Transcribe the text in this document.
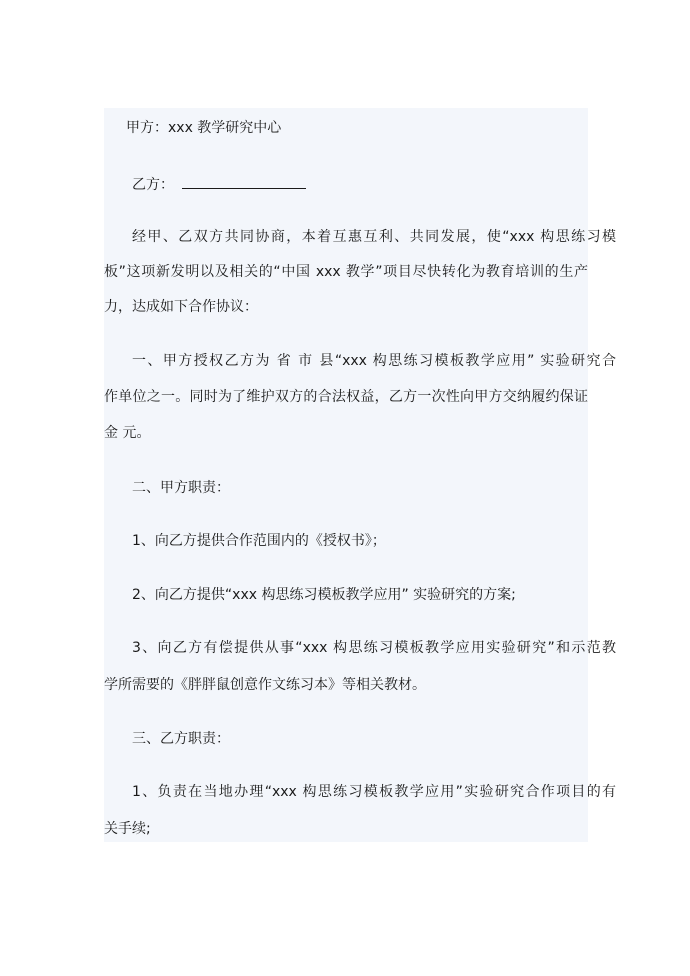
甲方：xxx 教学研究中心
乙方：
经甲、乙双方共同协商，本着互惠互利、共同发展，使“xxx 构思练习模
板”这项新发明以及相关的“中国 xxx 教学”项目尽快转化为教育培训的生产
力，达成如下合作协议：
一、甲方授权乙方为 省 市 县“xxx 构思练习模板教学应用” 实验研究合
作单位之一。同时为了维护双方的合法权益，乙方一次性向甲方交纳履约保证
金 元。
二、甲方职责：
1、向乙方提供合作范围内的《授权书》；
2、向乙方提供“xxx 构思练习模板教学应用” 实验研究的方案;
3、向乙方有偿提供从事“xxx 构思练习模板教学应用实验研究”和示范教
学所需要的《胖胖鼠创意作文练习本》等相关教材。
三、乙方职责：
1、负责在当地办理“xxx 构思练习模板教学应用”实验研究合作项目的有
关手续;
